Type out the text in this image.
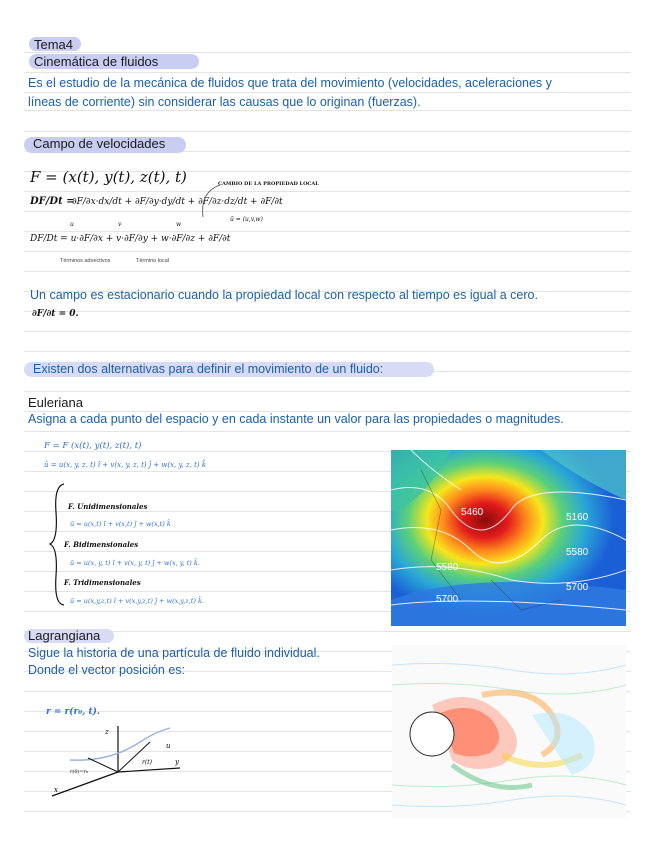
Tema4
Cinemática de fluidos
Es el estudio de la mecánica de fluidos que trata del movimiento (velocidades, aceleraciones y
líneas de corriente) sin considerar las causas que lo originan (fuerzas).
Campo de velocidades
F = (x(t), y(t), z(t), t)
DF/Dt =
∂F/∂x·dx/dt + ∂F/∂y·dy/dt + ∂F/∂z·dz/dt + ∂F/∂t
CAMBIO DE LA PROPIEDAD LOCAL
ū = (u,v,w)
u	v	w
DF/Dt = u·∂F/∂x + v·∂F/∂y + w·∂F/∂z + ∂F/∂t
Términos advectivos	Término local
Un campo es estacionario cuando la propiedad local con respecto al tiempo es igual a cero.
∂F/∂t = 0.
Existen dos alternativas para definir el movimiento de un fluido:
Euleriana
Asigna a cada punto del espacio y en cada instante un valor para las propiedades o magnitudes.
F = F (x(t), y(t), z(t), t)
ū = u(x, y, z, t) î + v(x, y, z, t) ĵ + w(x, y, z, t) k̂
F. Unidimensionales
ū = u(x,t) î + v(x,t) ĵ + w(x,t) k̂
F. Bidimensionales
ū = u(x, y, t) î + v(x, y, t) ĵ + w(x, y, t) k̂.
F. Tridimensionales
ū = u(x,y,z,t) î + v(x,y,z,t) ĵ + w(x,y,z,t) k̂.
5460	5160
5580
5580
5700
5700
Lagrangiana
Sigue la historia de una partícula de fluido individual.
Donde el vector posición es:
r = r(r₀, t).
z
y
x
u
r(t)
r(0)=r₀
